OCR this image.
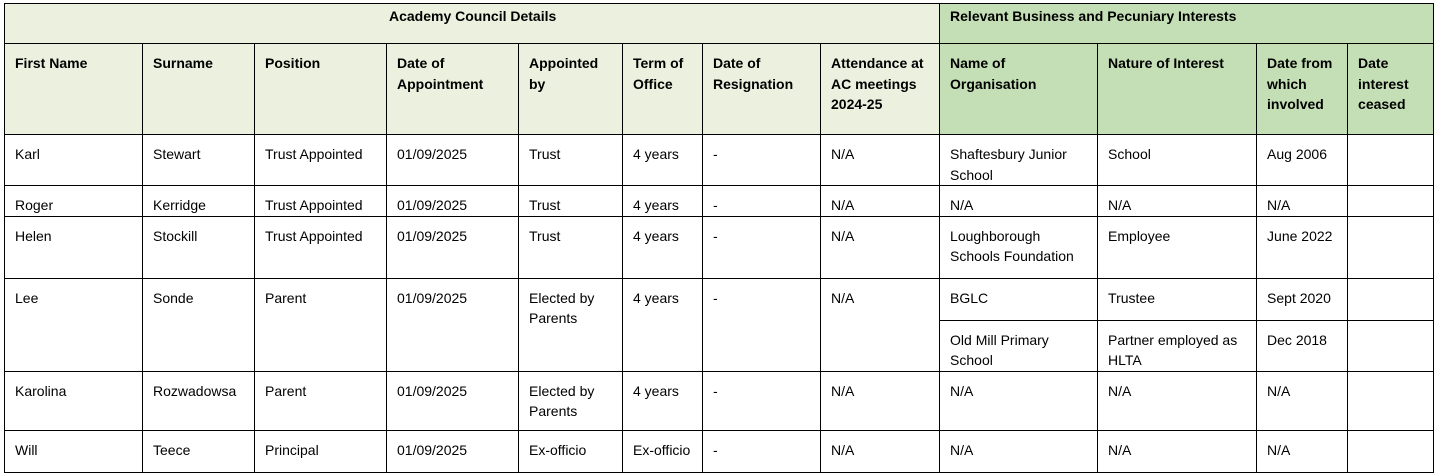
Academy Council Details								Relevant Business and Pecuniary Interests			
First Name	Surname	Position	Date of Appointment	Appointed by	Term of Office	Date of Resignation	Attendance at AC meetings 2024-25	Name of Organisation	Nature of Interest	Date from which involved	Date interest ceased
Karl	Stewart	Trust Appointed	01/09/2025	Trust	4 years	-	N/A	Shaftesbury Junior School	School	Aug 2006	
Roger	Kerridge	Trust Appointed	01/09/2025	Trust	4 years	-	N/A	N/A	N/A	N/A	
Helen	Stockill	Trust Appointed	01/09/2025	Trust	4 years	-	N/A	Loughborough Schools Foundation	Employee	June 2022	
Lee	Sonde	Parent	01/09/2025	Elected by Parents	4 years	-	N/A	BGLC	Trustee	Sept 2020	
								Old Mill Primary School	Partner employed as HLTA	Dec 2018	
Karolina	Rozwadowsa	Parent	01/09/2025	Elected by Parents	4 years	-	N/A	N/A	N/A	N/A	
Will	Teece	Principal	01/09/2025	Ex-officio	Ex-officio	-	N/A	N/A	N/A	N/A	
